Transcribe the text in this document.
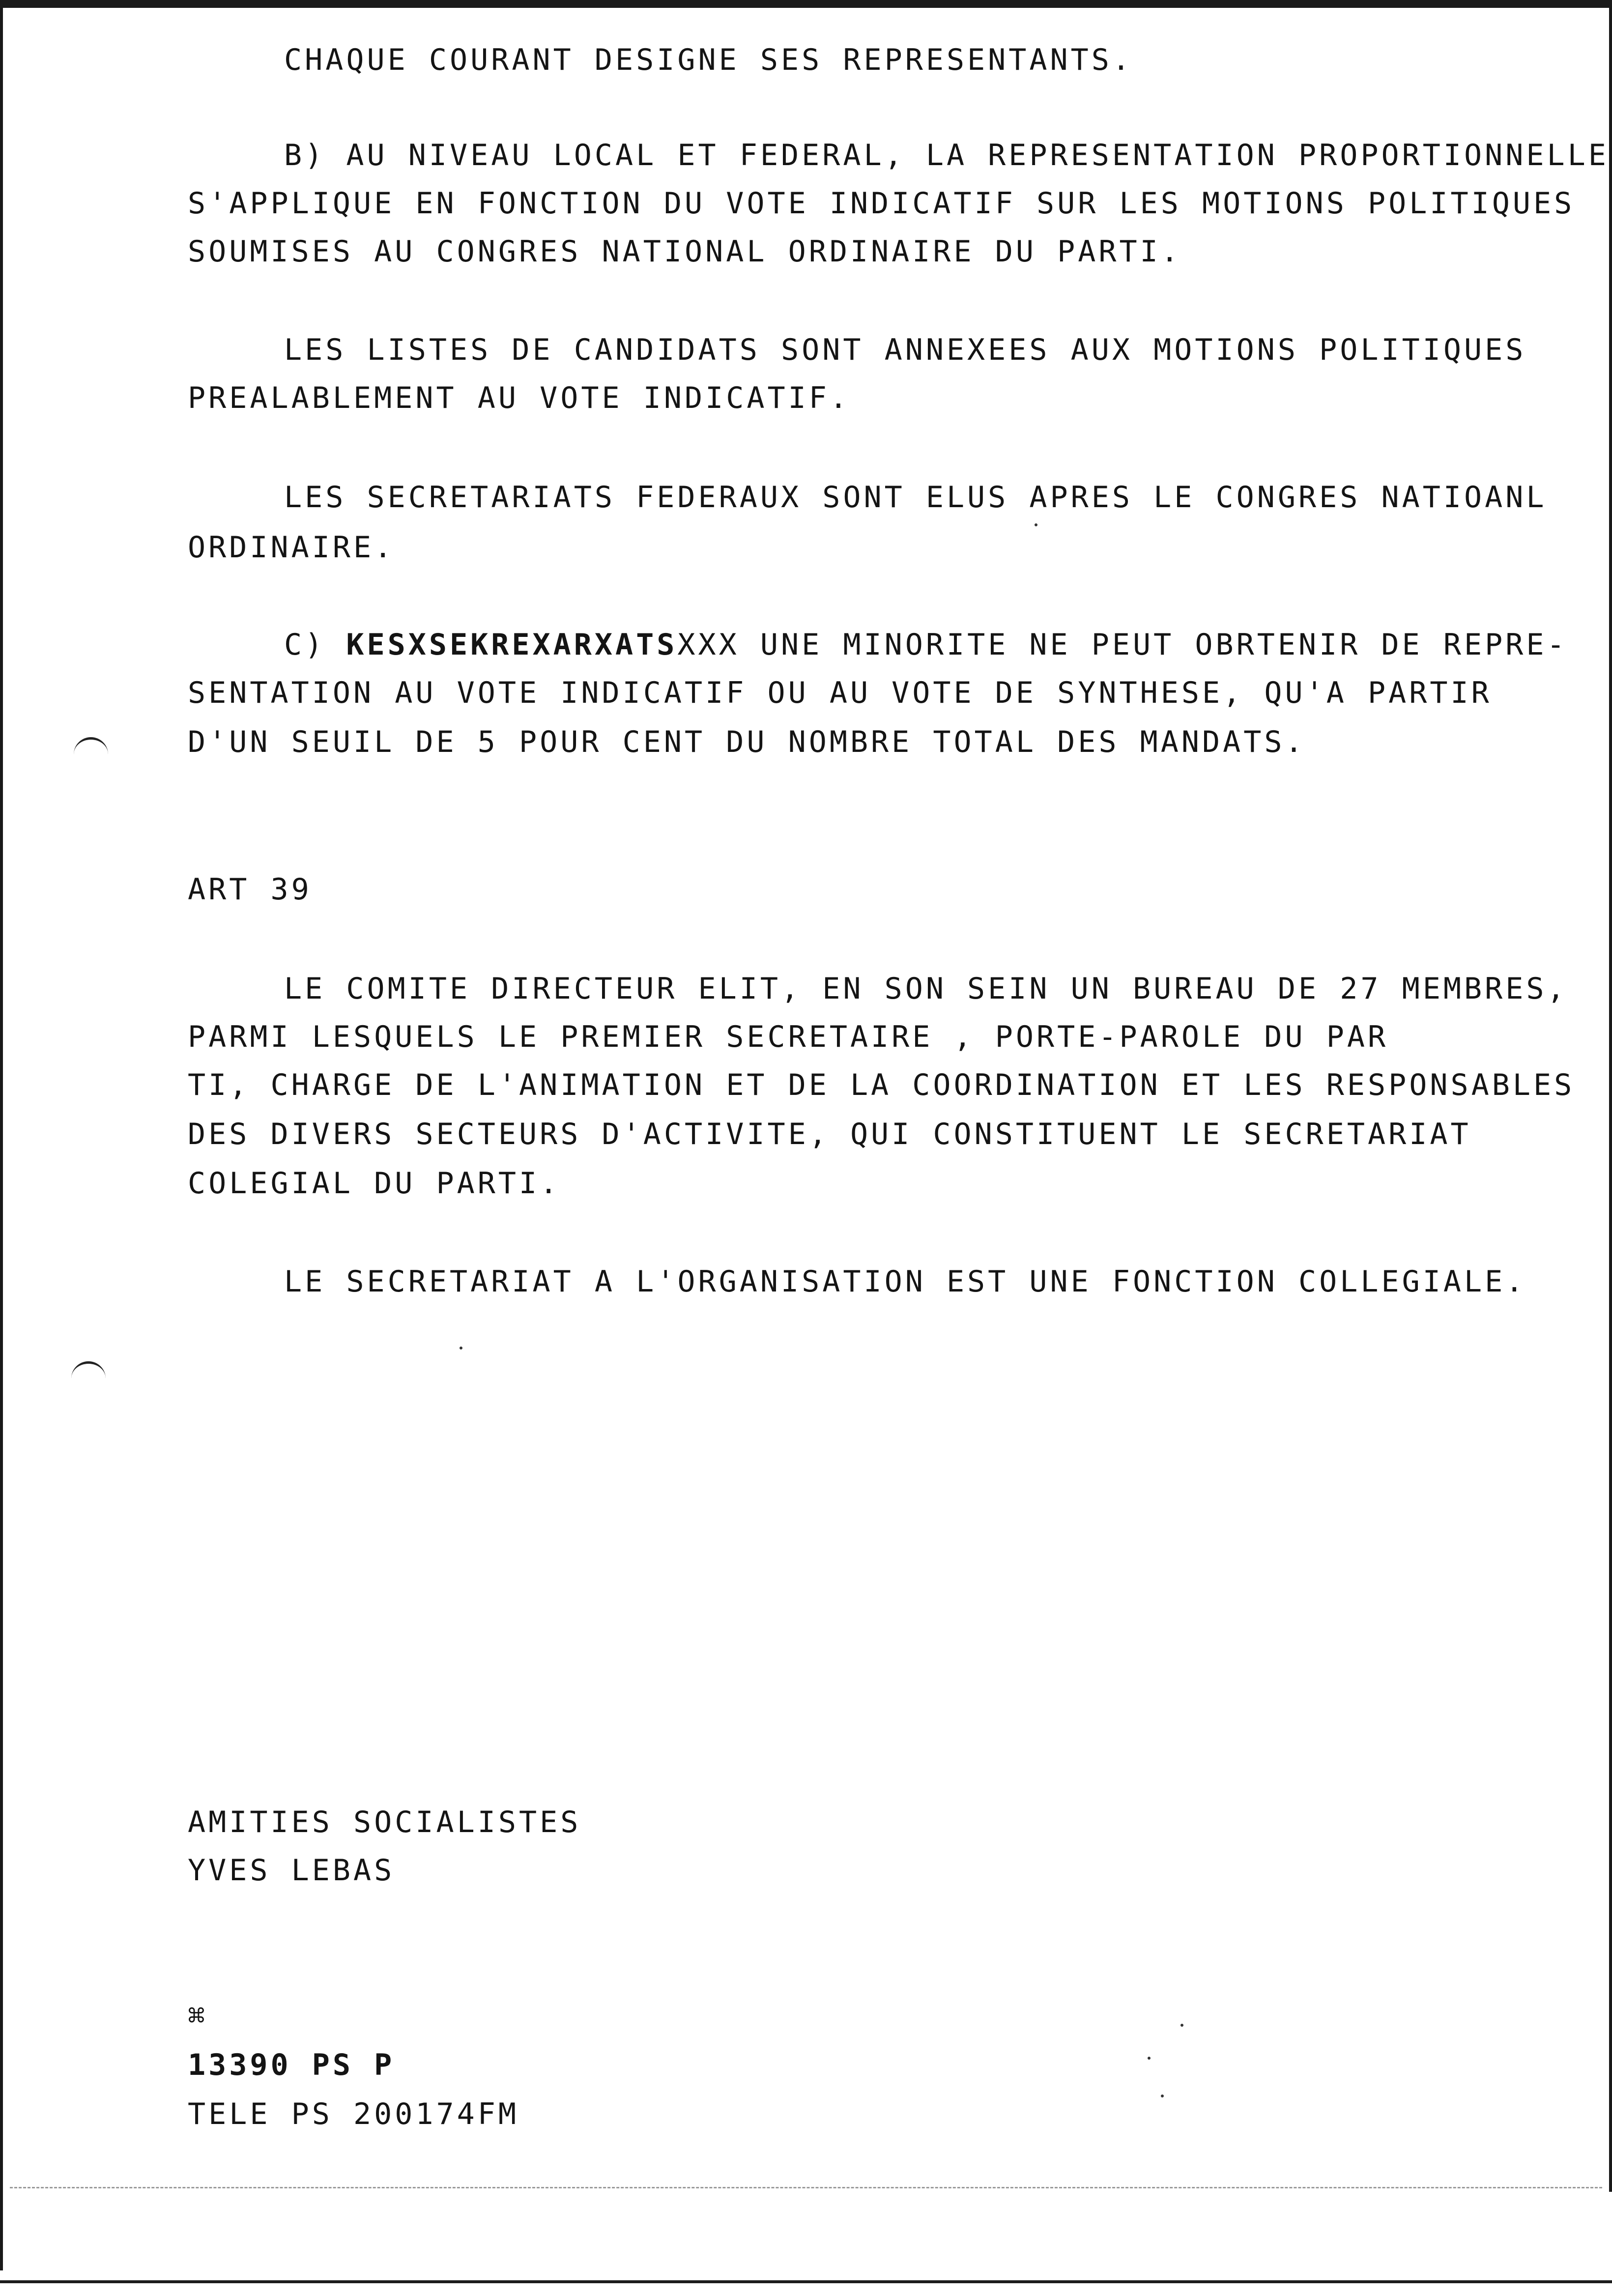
CHAQUE COURANT DESIGNE SES REPRESENTANTS.
B) AU NIVEAU LOCAL ET FEDERAL, LA REPRESENTATION PROPORTIONNELLE
S'APPLIQUE EN FONCTION DU VOTE INDICATIF SUR LES MOTIONS POLITIQUES
SOUMISES AU CONGRES NATIONAL ORDINAIRE DU PARTI.
LES LISTES DE CANDIDATS SONT ANNEXEES AUX MOTIONS POLITIQUES
PREALABLEMENT AU VOTE INDICATIF.
LES SECRETARIATS FEDERAUX SONT ELUS APRES LE CONGRES NATIOANL
ORDINAIRE.
C) KESXSEKREXARXATSXXX UNE MINORITE NE PEUT OBRTENIR DE REPRE-
SENTATION AU VOTE INDICATIF OU AU VOTE DE SYNTHESE, QU'A PARTIR
D'UN SEUIL DE 5 POUR CENT DU NOMBRE TOTAL DES MANDATS.
ART 39
LE COMITE DIRECTEUR ELIT, EN SON SEIN UN BUREAU DE 27 MEMBRES,
PARMI LESQUELS LE PREMIER SECRETAIRE , PORTE-PAROLE DU PAR
TI, CHARGE DE L'ANIMATION ET DE LA COORDINATION ET LES RESPONSABLES
DES DIVERS SECTEURS D'ACTIVITE, QUI CONSTITUENT LE SECRETARIAT
COLEGIAL DU PARTI.
LE SECRETARIAT A L'ORGANISATION EST UNE FONCTION COLLEGIALE.
AMITIES SOCIALISTES
YVES LEBAS
⌘
13390 PS P
TELE PS 200174FM
